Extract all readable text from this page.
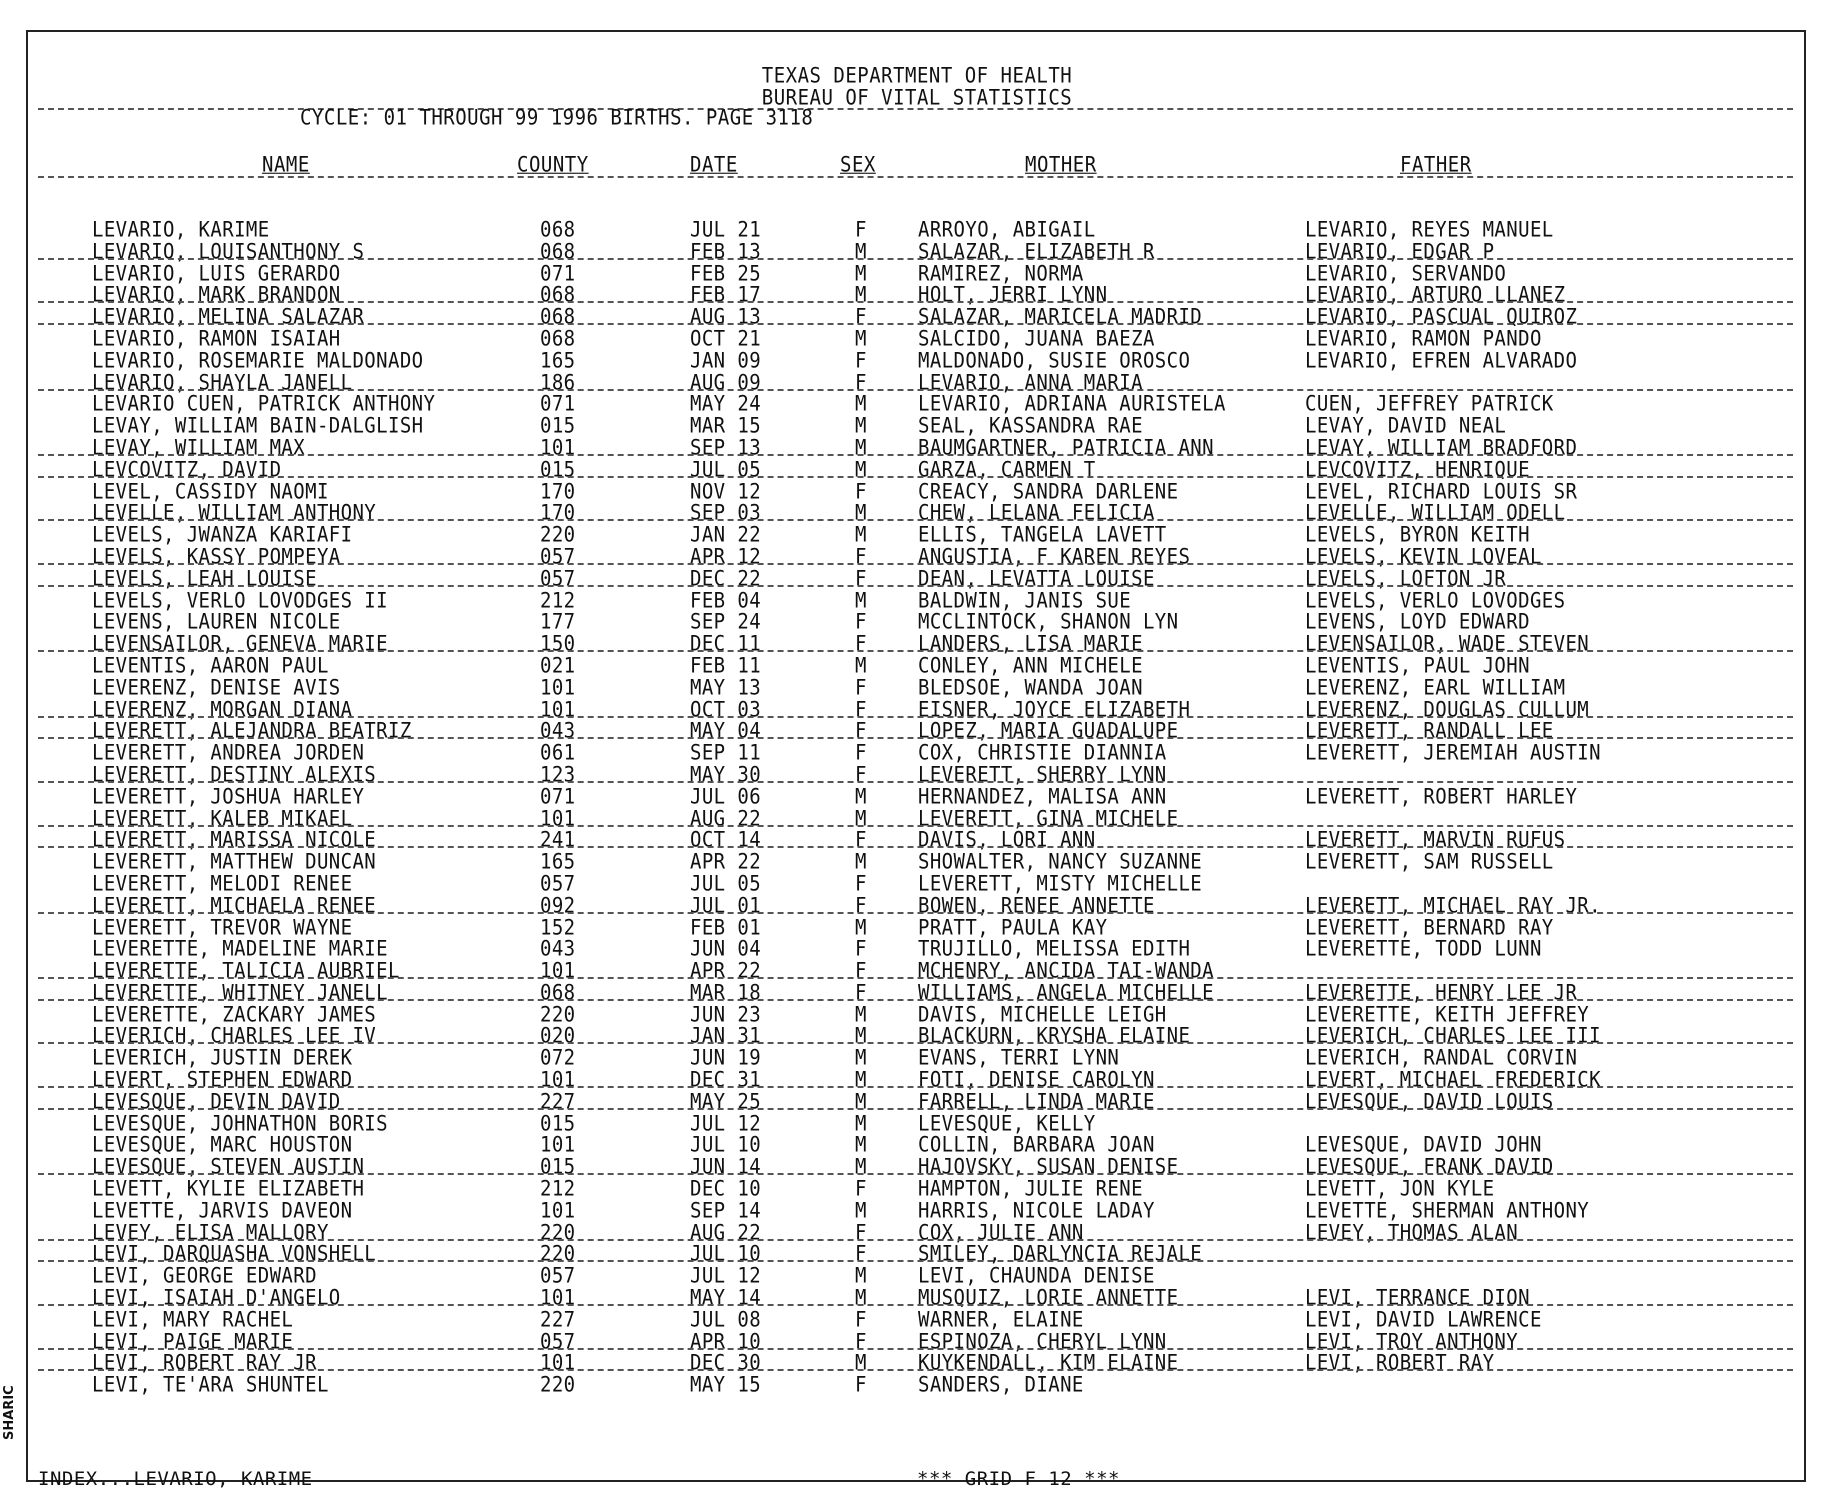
TEXAS DEPARTMENT OF HEALTH
BUREAU OF VITAL STATISTICS
CYCLE: 01 THROUGH 99 1996 BIRTHS. PAGE 3118
NAME	COUNTY	DATE	SEX	MOTHER	FATHER
LEVARIO, KARIME	068	JUL 21	F	ARROYO, ABIGAIL	LEVARIO, REYES MANUEL
LEVARIO, LOUISANTHONY S	068	FEB 13	M	SALAZAR, ELIZABETH R	LEVARIO, EDGAR P
LEVARIO, LUIS GERARDO	071	FEB 25	M	RAMIREZ, NORMA	LEVARIO, SERVANDO
LEVARIO, MARK BRANDON	068	FEB 17	M	HOLT, JERRI LYNN	LEVARIO, ARTURO LLANEZ
LEVARIO, MELINA SALAZAR	068	AUG 13	F	SALAZAR, MARICELA MADRID	LEVARIO, PASCUAL QUIROZ
LEVARIO, RAMON ISAIAH	068	OCT 21	M	SALCIDO, JUANA BAEZA	LEVARIO, RAMON PANDO
LEVARIO, ROSEMARIE MALDONADO	165	JAN 09	F	MALDONADO, SUSIE OROSCO	LEVARIO, EFREN ALVARADO
LEVARIO, SHAYLA JANELL	186	AUG 09	F	LEVARIO, ANNA MARIA
LEVARIO CUEN, PATRICK ANTHONY	071	MAY 24	M	LEVARIO, ADRIANA AURISTELA	CUEN, JEFFREY PATRICK
LEVAY, WILLIAM BAIN-DALGLISH	015	MAR 15	M	SEAL, KASSANDRA RAE	LEVAY, DAVID NEAL
LEVAY, WILLIAM MAX	101	SEP 13	M	BAUMGARTNER, PATRICIA ANN	LEVAY, WILLIAM BRADFORD
LEVCOVITZ, DAVID	015	JUL 05	M	GARZA, CARMEN T	LEVCOVITZ, HENRIQUE
LEVEL, CASSIDY NAOMI	170	NOV 12	F	CREACY, SANDRA DARLENE	LEVEL, RICHARD LOUIS SR
LEVELLE, WILLIAM ANTHONY	170	SEP 03	M	CHEW, LELANA FELICIA	LEVELLE, WILLIAM ODELL
LEVELS, JWANZA KARIAFI	220	JAN 22	M	ELLIS, TANGELA LAVETT	LEVELS, BYRON KEITH
LEVELS, KASSY POMPEYA	057	APR 12	F	ANGUSTIA, F KAREN REYES	LEVELS, KEVIN LOVEAL
LEVELS, LEAH LOUISE	057	DEC 22	F	DEAN, LEVATTA LOUISE	LEVELS, LOFTON JR
LEVELS, VERLO LOVODGES II	212	FEB 04	M	BALDWIN, JANIS SUE	LEVELS, VERLO LOVODGES
LEVENS, LAUREN NICOLE	177	SEP 24	F	MCCLINTOCK, SHANON LYN	LEVENS, LOYD EDWARD
LEVENSAILOR, GENEVA MARIE	150	DEC 11	F	LANDERS, LISA MARIE	LEVENSAILOR, WADE STEVEN
LEVENTIS, AARON PAUL	021	FEB 11	M	CONLEY, ANN MICHELE	LEVENTIS, PAUL JOHN
LEVERENZ, DENISE AVIS	101	MAY 13	F	BLEDSOE, WANDA JOAN	LEVERENZ, EARL WILLIAM
LEVERENZ, MORGAN DIANA	101	OCT 03	F	EISNER, JOYCE ELIZABETH	LEVERENZ, DOUGLAS CULLUM
LEVERETT, ALEJANDRA BEATRIZ	043	MAY 04	F	LOPEZ, MARIA GUADALUPE	LEVERETT, RANDALL LEE
LEVERETT, ANDREA JORDEN	061	SEP 11	F	COX, CHRISTIE DIANNIA	LEVERETT, JEREMIAH AUSTIN
LEVERETT, DESTINY ALEXIS	123	MAY 30	F	LEVERETT, SHERRY LYNN
LEVERETT, JOSHUA HARLEY	071	JUL 06	M	HERNANDEZ, MALISA ANN	LEVERETT, ROBERT HARLEY
LEVERETT, KALEB MIKAEL	101	AUG 22	M	LEVERETT, GINA MICHELE
LEVERETT, MARISSA NICOLE	241	OCT 14	F	DAVIS, LORI ANN	LEVERETT, MARVIN RUFUS
LEVERETT, MATTHEW DUNCAN	165	APR 22	M	SHOWALTER, NANCY SUZANNE	LEVERETT, SAM RUSSELL
LEVERETT, MELODI RENEE	057	JUL 05	F	LEVERETT, MISTY MICHELLE
LEVERETT, MICHAELA RENEE	092	JUL 01	F	BOWEN, RENEE ANNETTE	LEVERETT, MICHAEL RAY JR.
LEVERETT, TREVOR WAYNE	152	FEB 01	M	PRATT, PAULA KAY	LEVERETT, BERNARD RAY
LEVERETTE, MADELINE MARIE	043	JUN 04	F	TRUJILLO, MELISSA EDITH	LEVERETTE, TODD LUNN
LEVERETTE, TALICIA AUBRIEL	101	APR 22	F	MCHENRY, ANCIDA TAI-WANDA
LEVERETTE, WHITNEY JANELL	068	MAR 18	F	WILLIAMS, ANGELA MICHELLE	LEVERETTE, HENRY LEE JR
LEVERETTE, ZACKARY JAMES	220	JUN 23	M	DAVIS, MICHELLE LEIGH	LEVERETTE, KEITH JEFFREY
LEVERICH, CHARLES LEE IV	020	JAN 31	M	BLACKURN, KRYSHA ELAINE	LEVERICH, CHARLES LEE III
LEVERICH, JUSTIN DEREK	072	JUN 19	M	EVANS, TERRI LYNN	LEVERICH, RANDAL CORVIN
LEVERT, STEPHEN EDWARD	101	DEC 31	M	FOTI, DENISE CAROLYN	LEVERT, MICHAEL FREDERICK
LEVESQUE, DEVIN DAVID	227	MAY 25	M	FARRELL, LINDA MARIE	LEVESQUE, DAVID LOUIS
LEVESQUE, JOHNATHON BORIS	015	JUL 12	M	LEVESQUE, KELLY
LEVESQUE, MARC HOUSTON	101	JUL 10	M	COLLIN, BARBARA JOAN	LEVESQUE, DAVID JOHN
LEVESQUE, STEVEN AUSTIN	015	JUN 14	M	HAJOVSKY, SUSAN DENISE	LEVESQUE, FRANK DAVID
LEVETT, KYLIE ELIZABETH	212	DEC 10	F	HAMPTON, JULIE RENE	LEVETT, JON KYLE
LEVETTE, JARVIS DAVEON	101	SEP 14	M	HARRIS, NICOLE LADAY	LEVETTE, SHERMAN ANTHONY
LEVEY, ELISA MALLORY	220	AUG 22	F	COX, JULIE ANN	LEVEY, THOMAS ALAN
LEVI, DARQUASHA VONSHELL	220	JUL 10	F	SMILEY, DARLYNCIA REJALE
LEVI, GEORGE EDWARD	057	JUL 12	M	LEVI, CHAUNDA DENISE
LEVI, ISAIAH D'ANGELO	101	MAY 14	M	MUSQUIZ, LORIE ANNETTE	LEVI, TERRANCE DION
LEVI, MARY RACHEL	227	JUL 08	F	WARNER, ELAINE	LEVI, DAVID LAWRENCE
LEVI, PAIGE MARIE	057	APR 10	F	ESPINOZA, CHERYL LYNN	LEVI, TROY ANTHONY
LEVI, ROBERT RAY JR	101	DEC 30	M	KUYKENDALL, KIM ELAINE	LEVI, ROBERT RAY
LEVI, TE'ARA SHUNTEL	220	MAY 15	F	SANDERS, DIANE
INDEX...LEVARIO, KARIME	*** GRID F 12 ***
SHARIC
